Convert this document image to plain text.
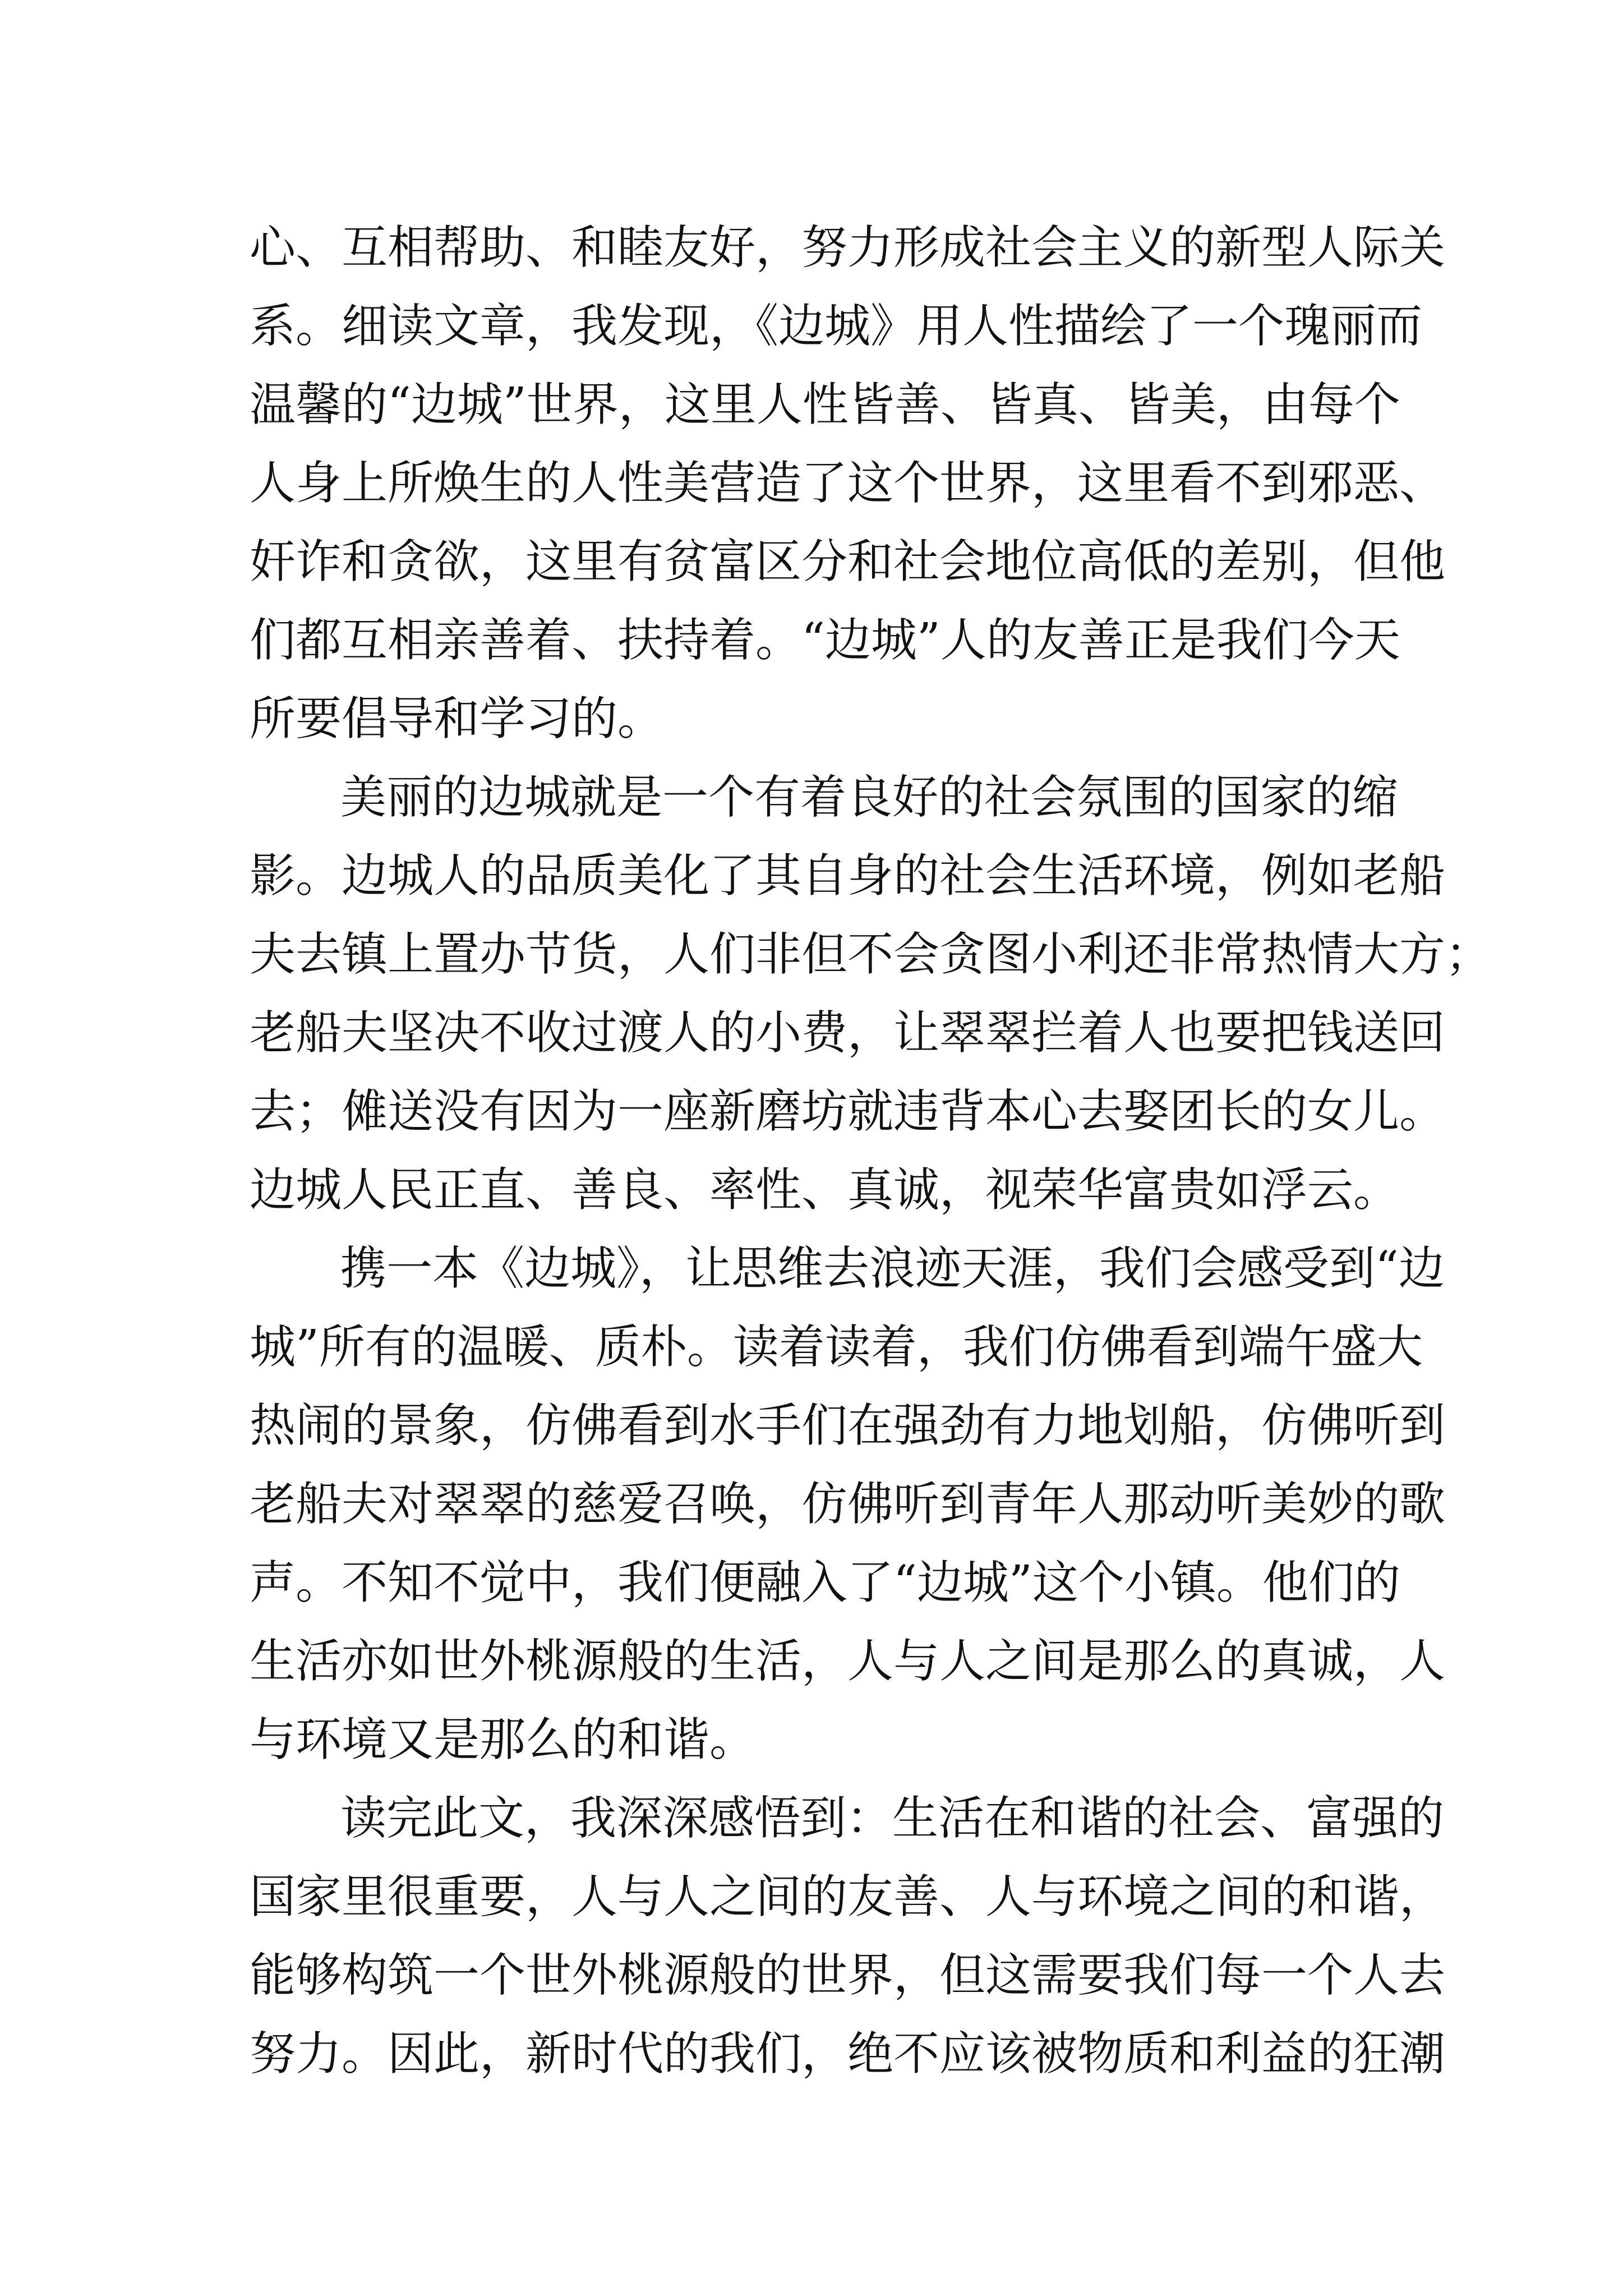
心、互相帮助、和睦友好，努力形成社会主义的新型人际关
系。细读文章，我发现，《边城》用人性描绘了一个瑰丽而
温馨的“边城”世界，这里人性皆善、皆真、皆美，由每个
人身上所焕生的人性美营造了这个世界，这里看不到邪恶、
奸诈和贪欲，这里有贫富区分和社会地位高低的差别，但他
们都互相亲善着、扶持着。“边城”人的友善正是我们今天
所要倡导和学习的。
美丽的边城就是一个有着良好的社会氛围的国家的缩
影。边城人的品质美化了其自身的社会生活环境，例如老船
夫去镇上置办节货，人们非但不会贪图小利还非常热情大方；
老船夫坚决不收过渡人的小费，让翠翠拦着人也要把钱送回
去；傩送没有因为一座新磨坊就违背本心去娶团长的女儿。
边城人民正直、善良、率性、真诚，视荣华富贵如浮云。
携一本《边城》，让思维去浪迹天涯，我们会感受到“边
城”所有的温暖、质朴。读着读着，我们仿佛看到端午盛大
热闹的景象，仿佛看到水手们在强劲有力地划船，仿佛听到
老船夫对翠翠的慈爱召唤，仿佛听到青年人那动听美妙的歌
声。不知不觉中，我们便融入了“边城”这个小镇。他们的
生活亦如世外桃源般的生活，人与人之间是那么的真诚，人
与环境又是那么的和谐。
读完此文，我深深感悟到：生活在和谐的社会、富强的
国家里很重要，人与人之间的友善、人与环境之间的和谐，
能够构筑一个世外桃源般的世界，但这需要我们每一个人去
努力。因此，新时代的我们，绝不应该被物质和利益的狂潮
